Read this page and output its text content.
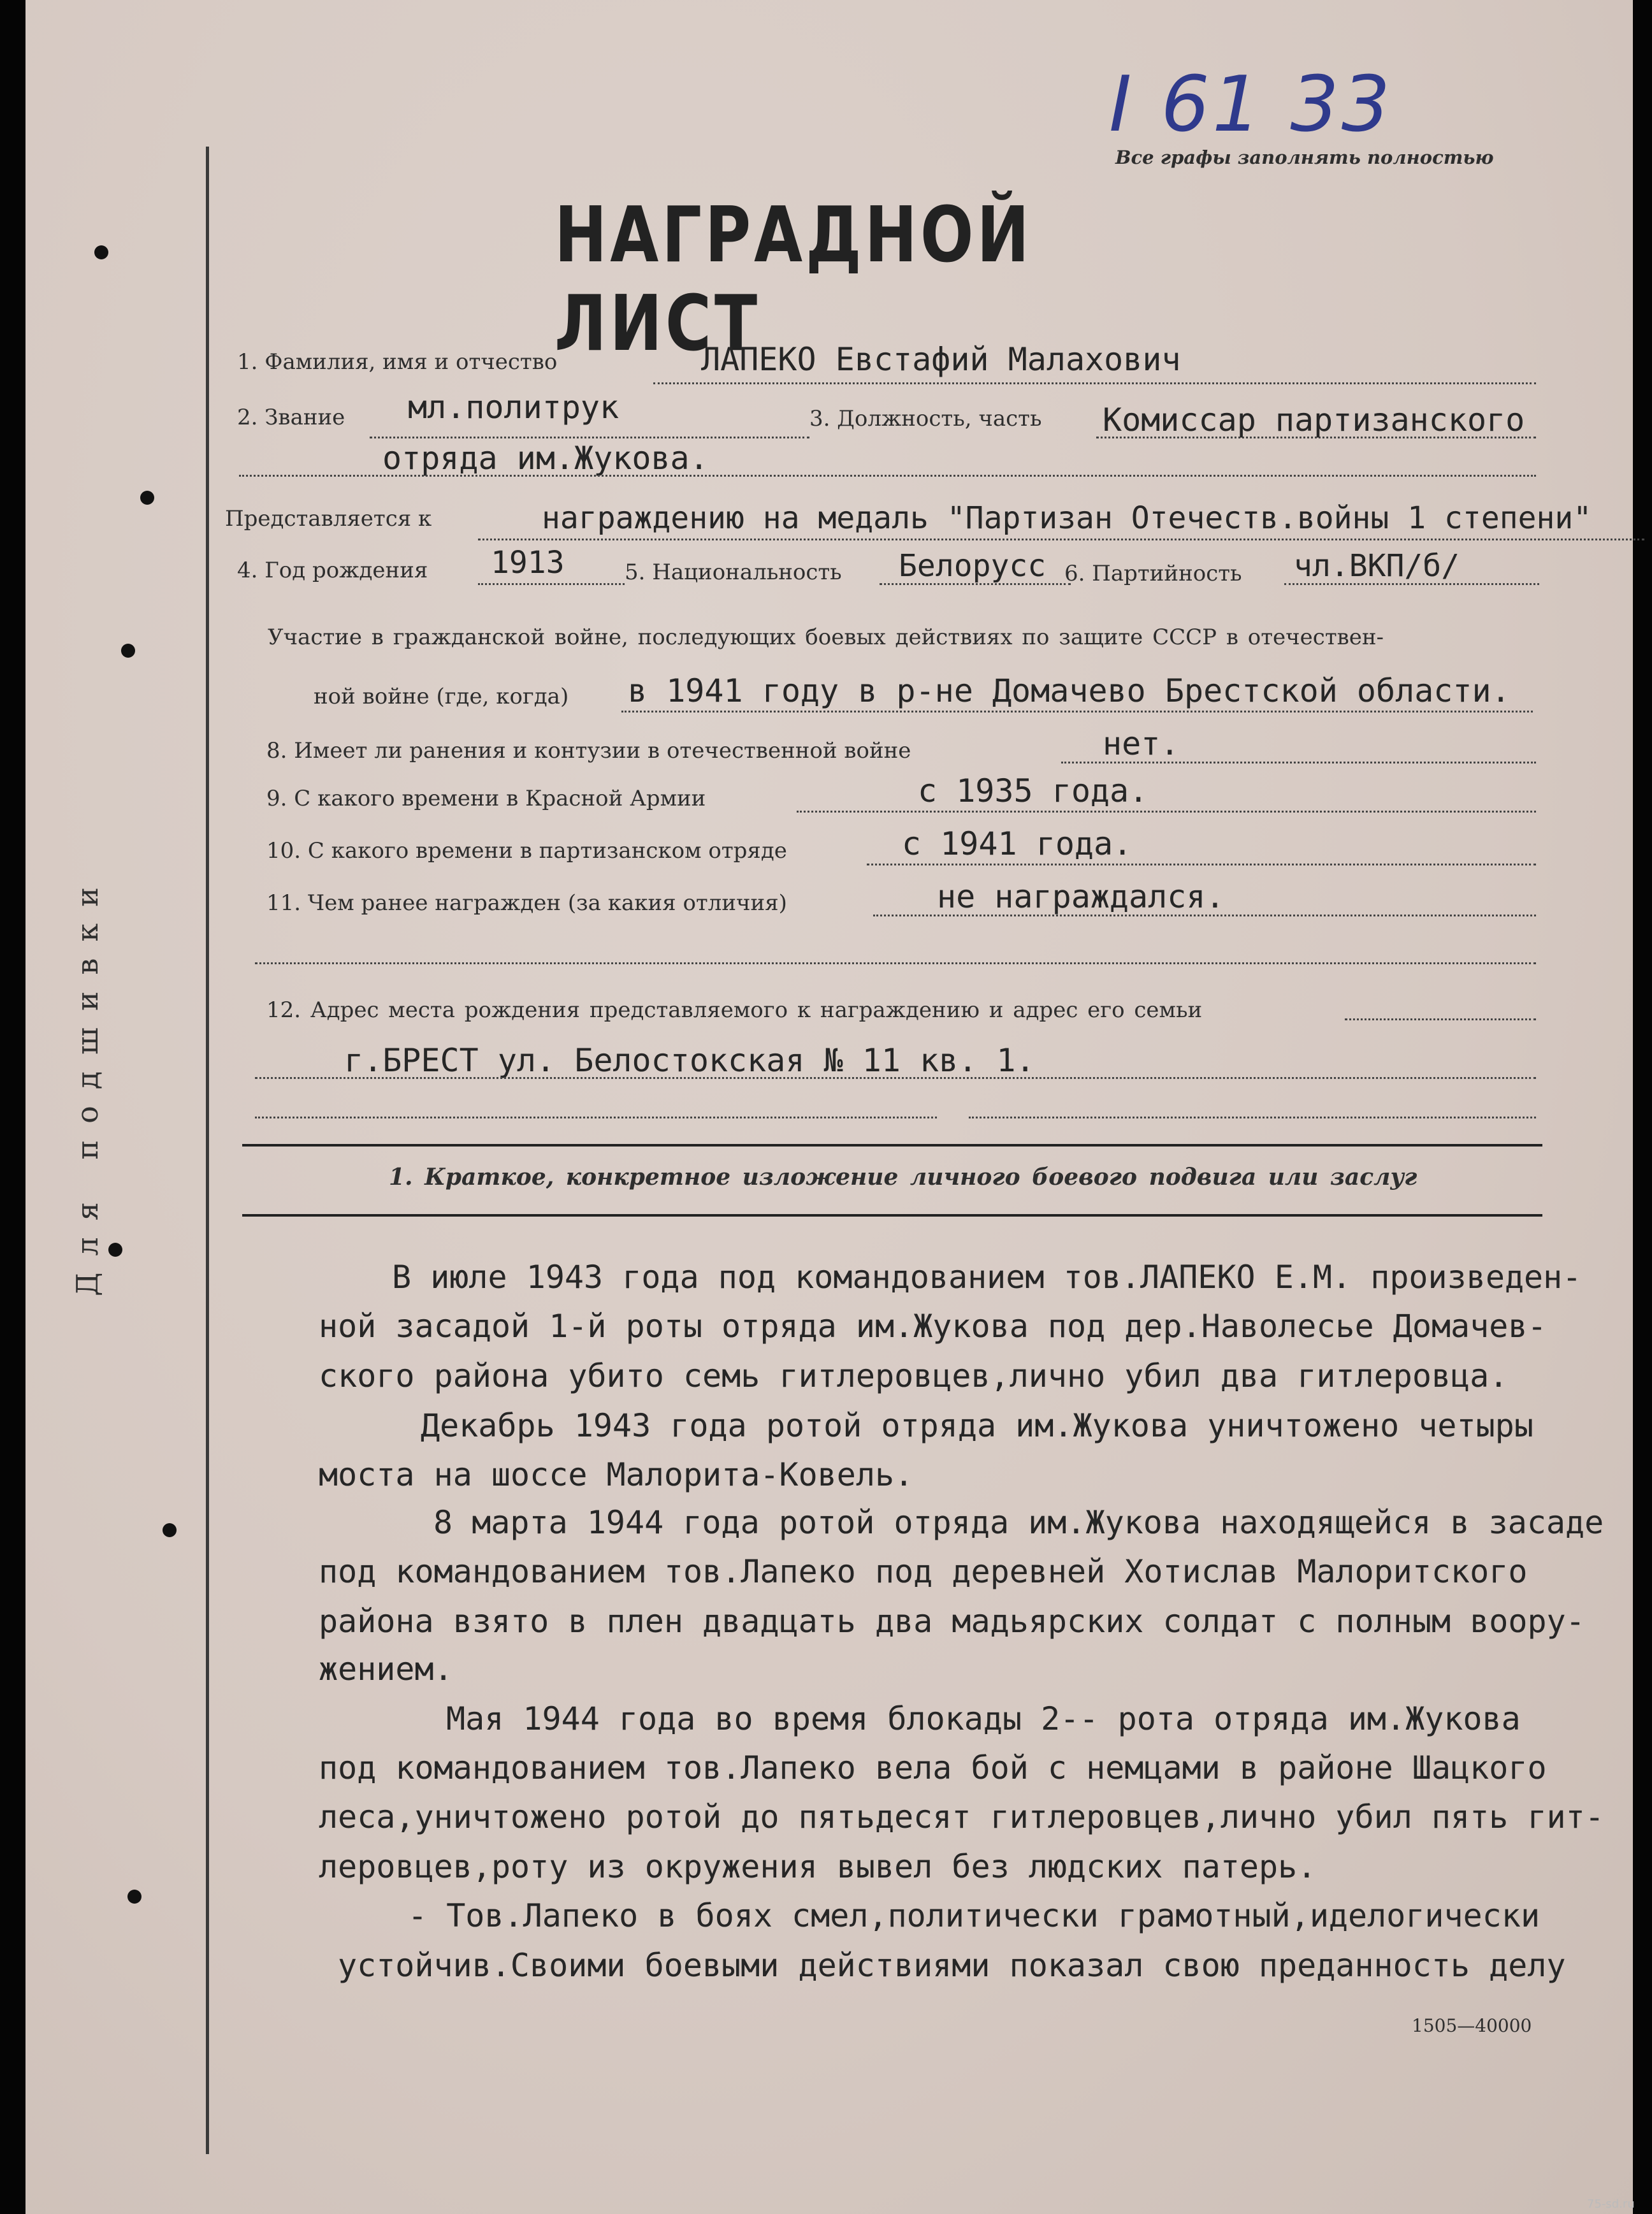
Для подшивки
I 61 33
Все графы заполнять полностью
НАГРАДНОЙ ЛИСТ
1. Фамилия, имя и отчество	ЛАПЕКО Евстафий Малахович
2. Звание мл.политрук	3. Должность, часть Комиссар партизанского
отряда им.Жукова.
Представляется к	награждению на медаль "Партизан Отечеств.войны 1 степени"
4. Год рождения 1913	5. Национальность Белорусс 6. Партийность чл.ВКП/б/
Участие в гражданской войне, последующих боевых действиях по защите СССР в отечествен-
ной войне (где, когда) в 1941 году в р-не Домачево Брестской области.
8. Имеет ли ранения и контузии в отечественной войне	нет.
9. С какого времени в Красной Армии	с 1935 года.
10. С какого времени в партизанском отряде	с 1941 года.
11. Чем ранее награжден (за какия отличия)	не награждался.
12. Адрес места рождения представляемого к награждению и адрес его семьи
г.БРЕСТ ул. Белостокская № 11 кв. 1.
1. Краткое, конкретное изложение личного боевого подвига или заслуг
В июле 1943 года под командованием тов.ЛАПЕКО Е.М. произведен-
ной засадой 1-й роты отряда им.Жукова под дер.Наволесье Домачев-
ского района убито семь гитлеровцев,лично убил два гитлеровца.
Декабрь 1943 года ротой отряда им.Жукова уничтожено четыры
моста на шоссе Малорита-Ковель.
8 марта 1944 года ротой отряда им.Жукова находящейся в засаде
под командованием тов.Лапеко под деревней Хотислав Малоритского
района взято в плен двадцать два мадьярских солдат с полным воору-
жением.
Мая 1944 года во время блокады 2-- рота отряда им.Жукова
под командованием тов.Лапеко вела бой с немцами в районе Шацкого
леса,уничтожено ротой до пятьдесят гитлеровцев,лично убил пять гит-
леровцев,роту из окружения вывел без людских патерь.
- Тов.Лапеко в боях смел,политически грамотный,иделогически
устойчив.Своими боевыми действиями показал свою преданность делу
1505—40000
75-sd.ru
